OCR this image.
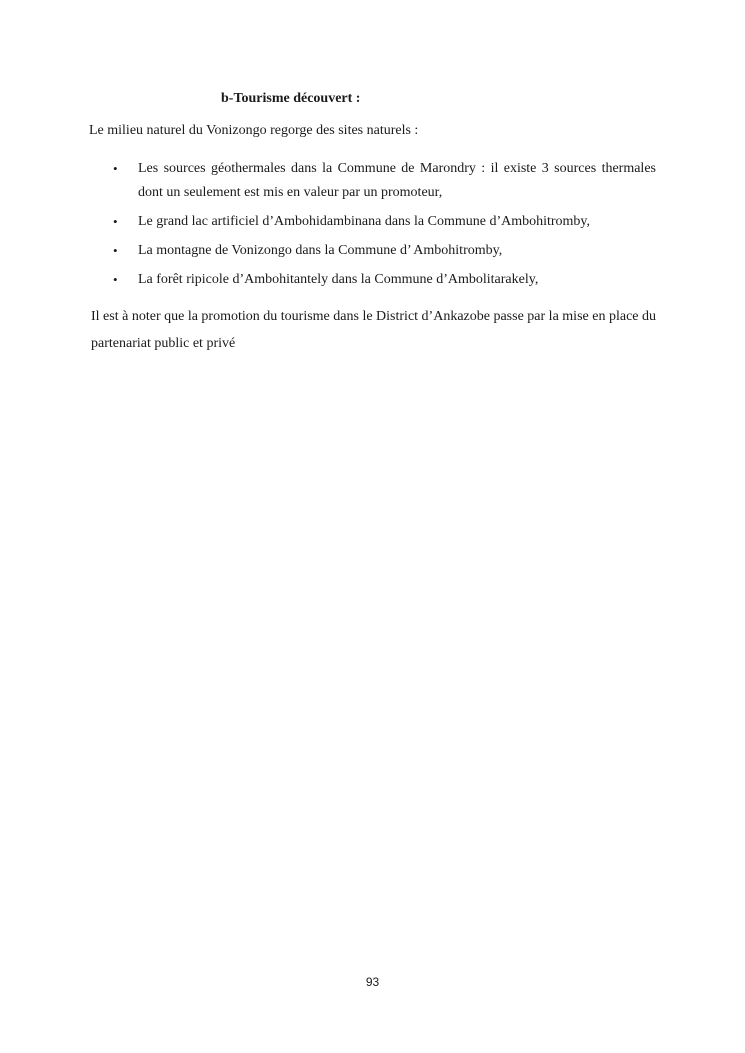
b-Tourisme découvert :
Le milieu naturel du Vonizongo regorge des sites naturels :
• Les sources géothermales dans la Commune de Marondry : il existe 3 sources thermales dont un seulement est mis en valeur par un promoteur,
• Le grand lac artificiel d’Ambohidambinana dans la Commune d’Ambohitromby,
• La montagne de Vonizongo dans la Commune d’ Ambohitromby,
• La forêt ripicole d’Ambohitantely dans la Commune d’Ambolitarakely,

Il est à noter que la promotion du tourisme dans le District d’Ankazobe passe par la mise en place du partenariat public et privé

93
